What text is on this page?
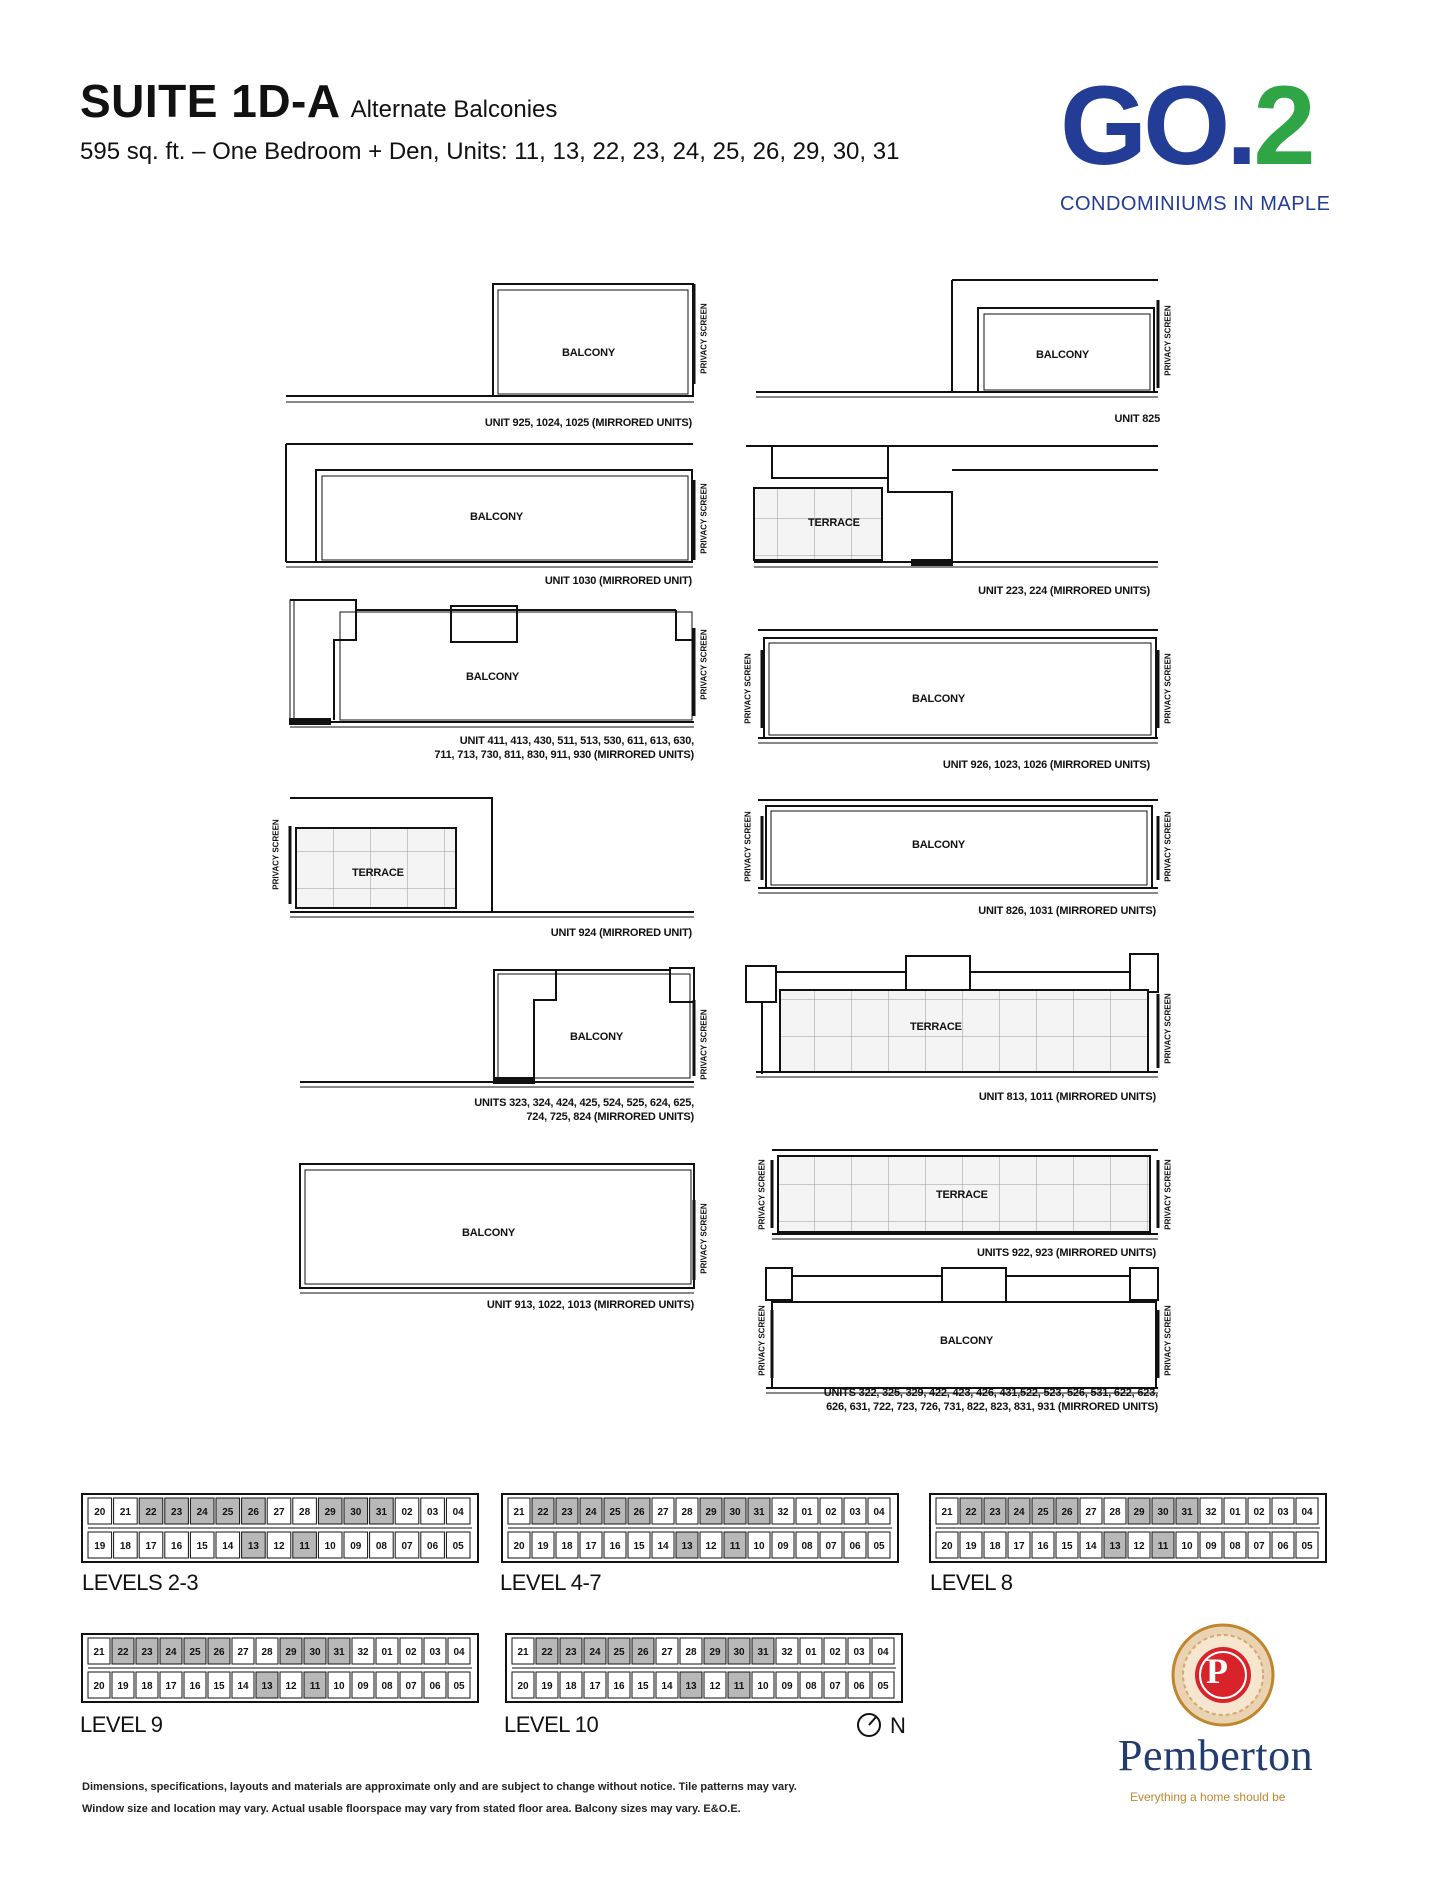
SUITE 1D-A Alternate Balconies
595 sq. ft. – One Bedroom + Den, Units: 11, 13, 22, 23, 24, 25, 26, 29, 30, 31 GO.2
CONDOMINIUMS IN MAPLE
BALCONY
BALCONY
BALCONY
TERRACE
BALCONY
BALCONY
BALCONY
TERRACE
BALCONY
BALCONY
TERRACE
TERRACE
BALCONY
PRIVACY SCREEN
PRIVACY SCREEN
PRIVACY SCREEN
PRIVACY SCREEN
PRIVACY SCREEN
PRIVACY SCREEN
PRIVACY SCREEN
PRIVACY SCREEN	PRIVACY SCREEN
PRIVACY SCREEN	PRIVACY SCREEN
PRIVACY SCREEN
PRIVACY SCREEN	PRIVACY SCREEN
PRIVACY SCREEN	PRIVACY SCREEN
UNIT 925, 1024, 1025 (MIRRORED UNITS)
UNIT 1030 (MIRRORED UNIT)
UNIT 411, 413, 430, 511, 513, 530, 611, 613, 630,
711, 713, 730, 811, 830, 911, 930 (MIRRORED UNITS)
UNIT 924 (MIRRORED UNIT)
UNITS 323, 324, 424, 425, 524, 525, 624, 625,
724, 725, 824 (MIRRORED UNITS)
UNIT 913, 1022, 1013 (MIRRORED UNITS)
UNIT 825
UNIT 223, 224 (MIRRORED UNITS)
UNIT 926, 1023, 1026 (MIRRORED UNITS)
UNIT 826, 1031 (MIRRORED UNITS)
UNIT 813, 1011 (MIRRORED UNITS)
UNITS 922, 923 (MIRRORED UNITS)
UNITS 322, 325, 329, 422, 423, 426, 431,522, 523, 526, 531, 622, 623,
626, 631, 722, 723, 726, 731, 822, 823, 831, 931 (MIRRORED UNITS)
20 21 22 23 24 25 26 27 28 29 30 31 02 03 04
19 18 17 16 15 14 13 12 11 10 09 08 07 06 05
21 22 23 24 25 26 27 28 29 30 31 32 01 02 03 04
20 19 18 17 16 15 14 13 12 11 10 09 08 07 06 05
21 22 23 24 25 26 27 28 29 30 31 32 01 02 03 04
20 19 18 17 16 15 14 13 12 11 10 09 08 07 06 05
21 22 23 24 25 26 27 28 29 30 31 32 01 02 03 04
20 19 18 17 16 15 14 13 12 11 10 09 08 07 06 05
21 22 23 24 25 26 27 28 29 30 31 32 01 02 03 04
20 19 18 17 16 15 14 13 12 11 10 09 08 07 06 05
LEVELS 2-3	LEVEL 4-7	LEVEL 8
LEVEL 9	LEVEL 10	N
Dimensions, specifications, layouts and materials are approximate only and are subject to change without notice. Tile patterns may vary.
Window size and location may vary. Actual usable floorspace may vary from stated floor area. Balcony sizes may vary. E&O.E.
P
Pemberton
Everything a home should be
